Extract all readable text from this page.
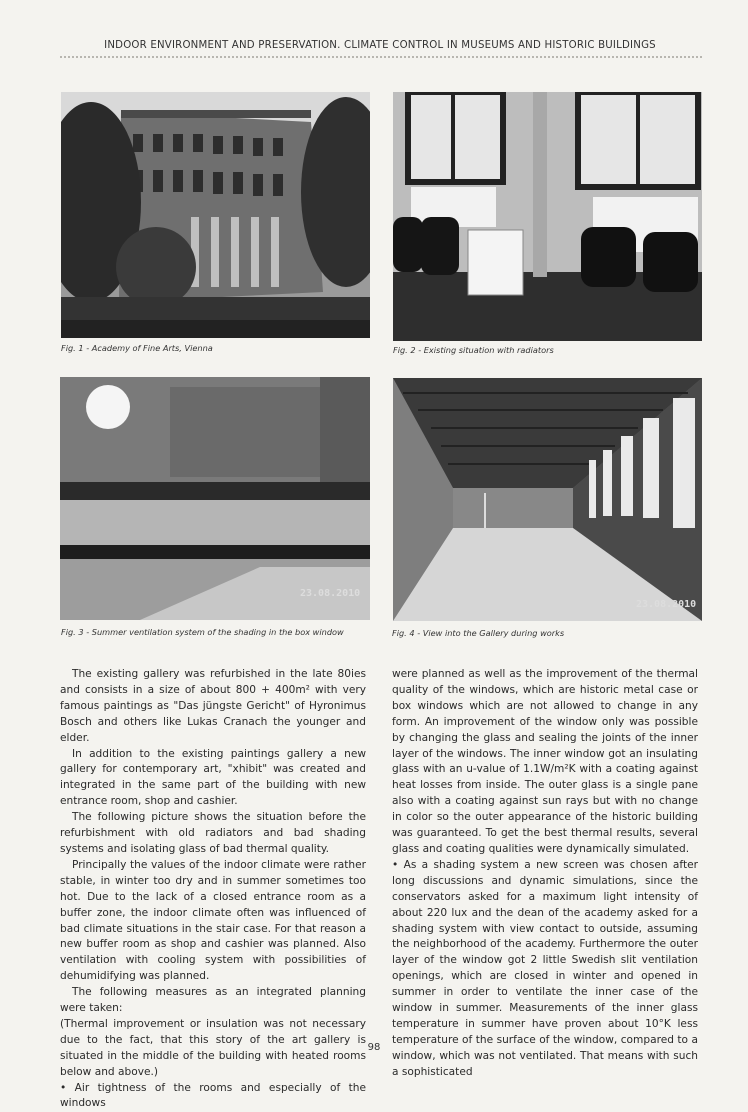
INDOOR ENVIRONMENT AND PRESERVATION. CLIMATE CONTROL IN MUSEUMS AND HISTORIC BUILDINGS
Fig. 1 - Academy of Fine Arts, Vienna	Fig. 2 - Existing situation with radiators
23.08.2010
Fig. 3 - Summer ventilation system of the shading in the box window
23.08.2010
Fig. 4 - View into the Gallery during works

The existing gallery was refurbished in the late 80ies and consists in a size of about 800 + 400m² with very famous paintings as "Das jüngste Gericht" of Hyronimus Bosch and others like Lukas Cranach the younger and elder.

In addition to the existing paintings gallery a new gallery for contemporary art, "xhibit" was created and integrated in the same part of the building with new entrance room, shop and cashier.

The following picture shows the situation before the refurbishment with old radiators and bad shading systems and isolating glass of bad thermal quality.

Principally the values of the indoor climate were rather stable, in winter too dry and in summer sometimes too hot. Due to the lack of a closed entrance room as a buffer zone, the indoor climate often was influenced of bad climate situations in the stair case. For that reason a new buffer room as shop and cashier was planned. Also ventilation with cooling system with possibilities of dehumidifying was planned.

The following measures as an integrated planning were taken:

(Thermal improvement or insulation was not necessary due to the fact, that this story of the art gallery is situated in the middle of the building with heated rooms below and above.)

• Air tightness of the rooms and especially of the windows

were planned as well as the improvement of the thermal quality of the windows, which are historic metal case or box windows which are not allowed to change in any form. An improvement of the window only was possible by changing the glass and sealing the joints of the inner layer of the windows. The inner window got an insulating glass with an u-value of 1.1W/m²K with a coating against heat losses from inside. The outer glass is a single pane also with a coating against sun rays but with no change in color so the outer appearance of the historic building was guaranteed. To get the best thermal results, several glass and coating qualities were dynamically simulated.

• As a shading system a new screen was chosen after long discussions and dynamic simulations, since the conservators asked for a maximum light intensity of about 220 lux and the dean of the academy asked for a shading system with view contact to outside, assuming the neighborhood of the academy. Furthermore the outer layer of the window got 2 little Swedish slit ventilation openings, which are closed in winter and opened in summer in order to ventilate the inner case of the window in summer. Measurements of the inner glass temperature in summer have proven about 10°K less temperature of the surface of the window, compared to a window, which was not ventilated. That means with such a sophisticated

98
